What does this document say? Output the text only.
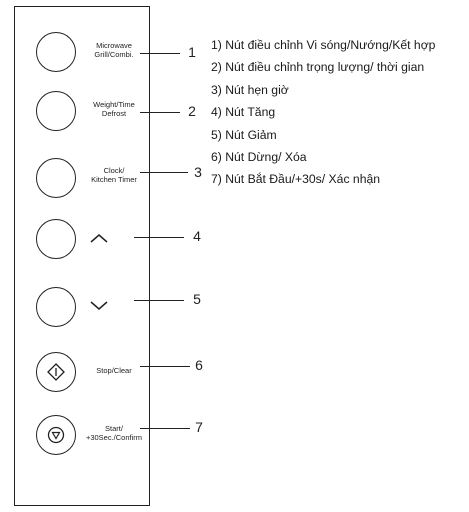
Microwave
Grill/Combi.
Weight/Time
Defrost
Clock/
Kitchen Timer
Stop/Clear
Start/
+30Sec./Confirm
1
2
3
4
5
6
7
1) Nút điều chỉnh Vi sóng/Nướng/Kết hợp
2) Nút điều chỉnh trọng lượng/ thời gian
3) Nút hẹn giờ
4) Nút Tăng
5) Nút Giảm
6) Nút Dừng/ Xóa
7) Nút Bắt Đầu/+30s/ Xác nhận
